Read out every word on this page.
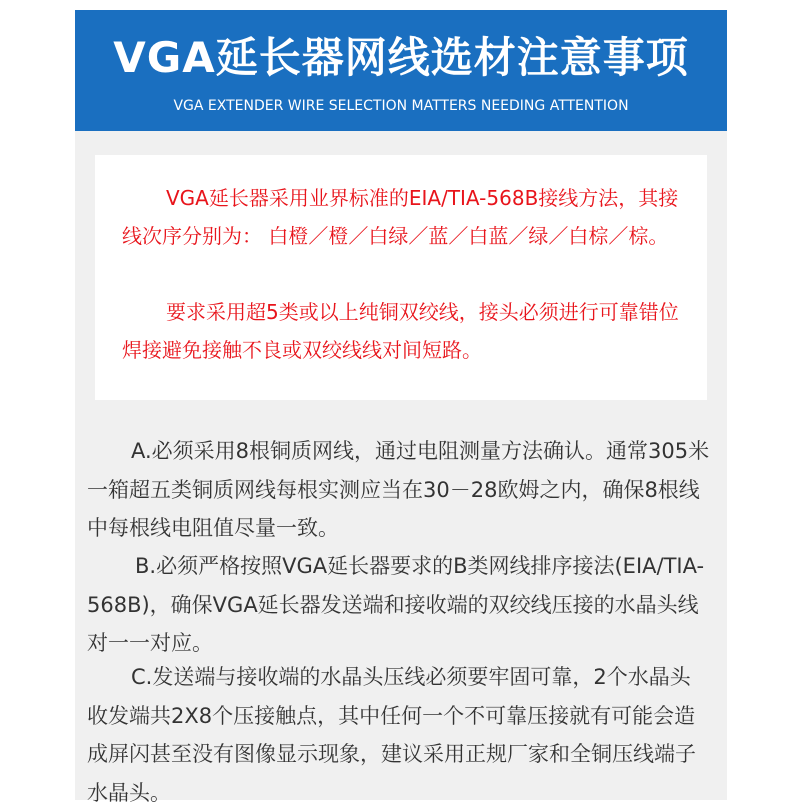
VGA延长器网线选材注意事项
VGA EXTENDER WIRE SELECTION MATTERS NEEDING ATTENTION

VGA延长器采用业界标准的EIA/TIA-568B接线方法，其接线次序分别为： 白橙／橙／白绿／蓝／白蓝／绿／白棕／棕。

要求采用超5类或以上纯铜双绞线，接头必须进行可靠错位焊接避免接触不良或双绞线线对间短路。

A.必须采用8根铜质网线，通过电阻测量方法确认。通常305米一箱超五类铜质网线每根实测应当在30－28欧姆之内，确保8根线中每根线电阻值尽量一致。

B.必须严格按照VGA延长器要求的B类网线排序接法(EIA/TIA-568B)，确保VGA延长器发送端和接收端的双绞线压接的水晶头线对一一对应。

C.发送端与接收端的水晶头压线必须要牢固可靠，2个水晶头收发端共2X8个压接触点，其中任何一个不可靠压接就有可能会造成屏闪甚至没有图像显示现象，建议采用正规厂家和全铜压线端子水晶头。
